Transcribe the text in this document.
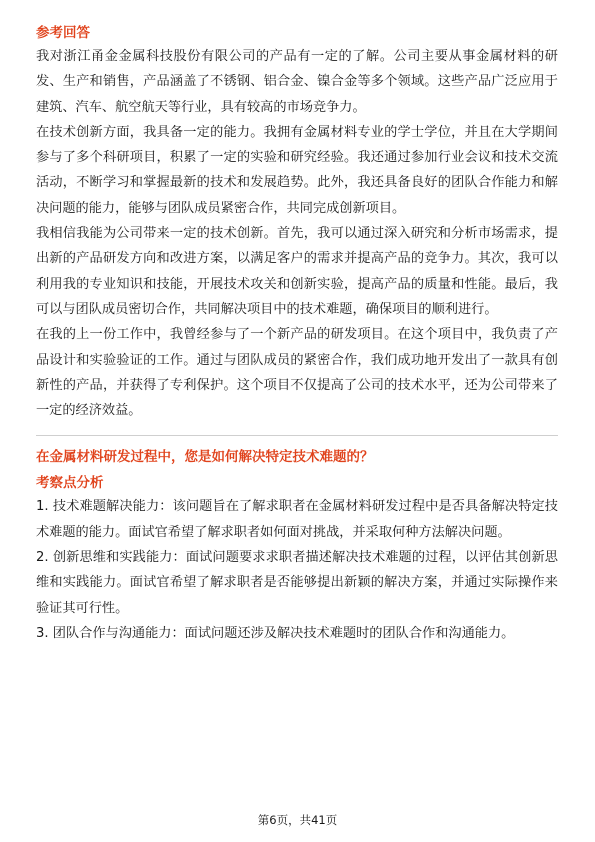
参考回答

我对浙江甬金金属科技股份有限公司的产品有一定的了解。公司主要从事金属材料的研发、生产和销售，产品涵盖了不锈钢、铝合金、镍合金等多个领域。这些产品广泛应用于建筑、汽车、航空航天等行业，具有较高的市场竞争力。

在技术创新方面，我具备一定的能力。我拥有金属材料专业的学士学位，并且在大学期间参与了多个科研项目，积累了一定的实验和研究经验。我还通过参加行业会议和技术交流活动，不断学习和掌握最新的技术和发展趋势。此外，我还具备良好的团队合作能力和解决问题的能力，能够与团队成员紧密合作，共同完成创新项目。

我相信我能为公司带来一定的技术创新。首先，我可以通过深入研究和分析市场需求，提出新的产品研发方向和改进方案，以满足客户的需求并提高产品的竞争力。其次，我可以利用我的专业知识和技能，开展技术攻关和创新实验，提高产品的质量和性能。最后，我可以与团队成员密切合作，共同解决项目中的技术难题，确保项目的顺利进行。

在我的上一份工作中，我曾经参与了一个新产品的研发项目。在这个项目中，我负责了产品设计和实验验证的工作。通过与团队成员的紧密合作，我们成功地开发出了一款具有创新性的产品，并获得了专利保护。这个项目不仅提高了公司的技术水平，还为公司带来了一定的经济效益。

在金属材料研发过程中，您是如何解决特定技术难题的？
考察点分析

1. 技术难题解决能力：该问题旨在了解求职者在金属材料研发过程中是否具备解决特定技术难题的能力。面试官希望了解求职者如何面对挑战，并采取何种方法解决问题。

2. 创新思维和实践能力：面试问题要求求职者描述解决技术难题的过程，以评估其创新思维和实践能力。面试官希望了解求职者是否能够提出新颖的解决方案，并通过实际操作来验证其可行性。

3. 团队合作与沟通能力：面试问题还涉及解决技术难题时的团队合作和沟通能力。

第6页，共41页
